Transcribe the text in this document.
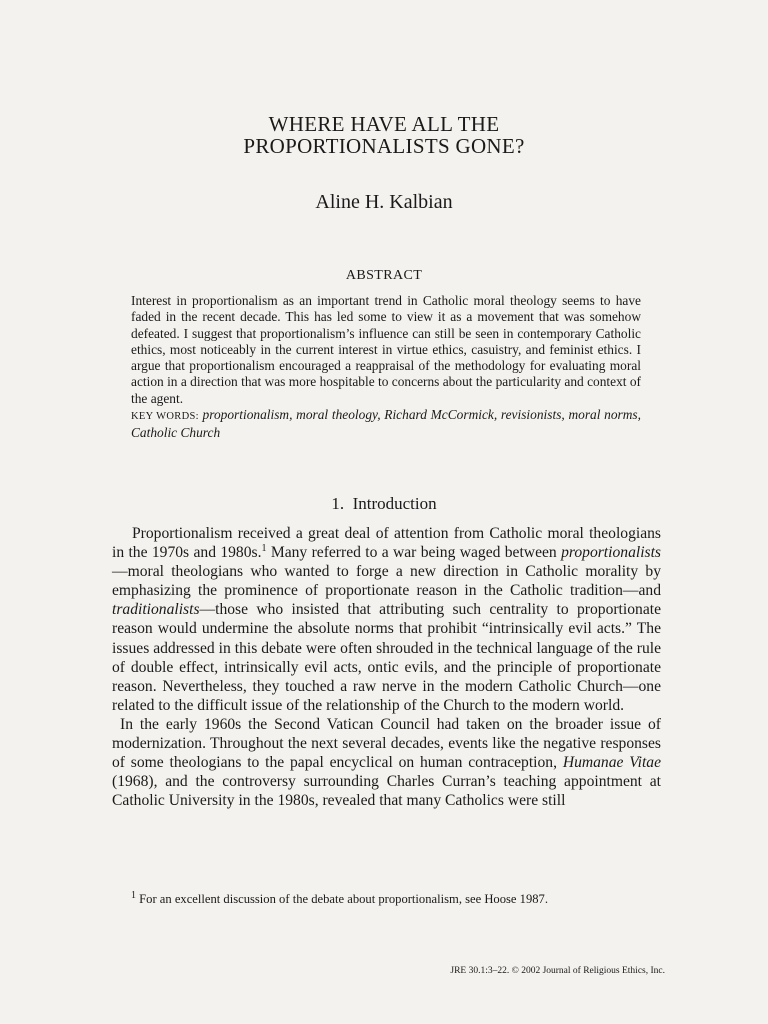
WHERE HAVE ALL THE
PROPORTIONALISTS GONE?
Aline H. Kalbian
ABSTRACT

Interest in proportionalism as an important trend in Catholic moral theology seems to have faded in the recent decade. This has led some to view it as a movement that was somehow defeated. I suggest that proportionalism’s influence can still be seen in contemporary Catholic ethics, most noticeably in the current interest in virtue ethics, casuistry, and feminist ethics. I argue that proportionalism encouraged a reappraisal of the methodology for evaluating moral action in a direction that was more hospitable to concerns about the particularity and context of the agent.

KEY WORDS: proportionalism, moral theology, Richard McCormick, revisionists, moral norms, Catholic Church

1. Introduction

Proportionalism received a great deal of attention from Catholic moral theologians in the 1970s and 1980s.$^1$ Many referred to a war being waged between proportionalists—moral theologians who wanted to forge a new direction in Catholic morality by emphasizing the prominence of proportionate reason in the Catholic tradition—and traditionalists—those who insisted that attributing such centrality to proportionate reason would undermine the absolute norms that prohibit “intrinsically evil acts.” The issues addressed in this debate were often shrouded in the technical language of the rule of double effect, intrinsically evil acts, ontic evils, and the principle of proportionate reason. Nevertheless, they touched a raw nerve in the modern Catholic Church—one related to the difficult issue of the relationship of the Church to the modern world.

In the early 1960s the Second Vatican Council had taken on the broader issue of modernization. Throughout the next several decades, events like the negative responses of some theologians to the papal encyclical on human contraception, Humanae Vitae (1968), and the controversy surrounding Charles Curran’s teaching appointment at Catholic University in the 1980s, revealed that many Catholics were still

$^1$ For an excellent discussion of the debate about proportionalism, see Hoose 1987.
JRE 30.1:3–22. © 2002 Journal of Religious Ethics, Inc.
